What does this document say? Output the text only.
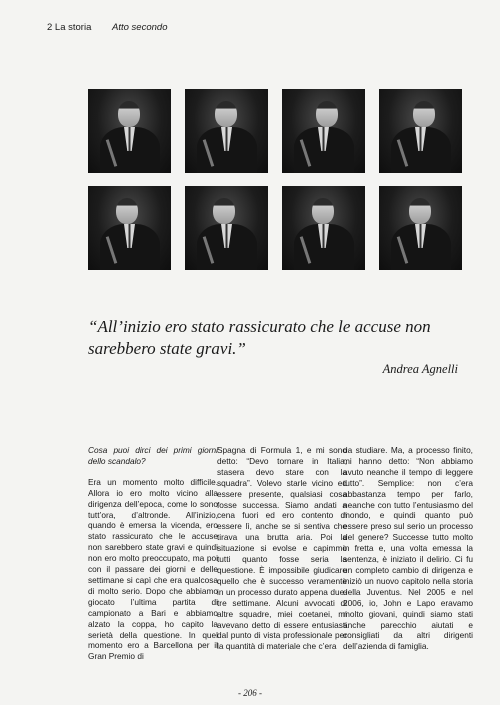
2 La storia Atto secondo

“All’inizio ero stato rassicurato che le accuse non sarebbero state gravi.”

Andrea Agnelli

Cosa puoi dirci dei primi giorni dello scandalo?

Era un momento molto difficile. Allora io ero molto vicino alla dirigenza dell’epoca, come lo sono tutt’ora, d’altronde. All’inizio, quando è emersa la vicenda, ero stato rassicurato che le accuse non sarebbero state gravi e quindi non ero molto preoccupato, ma poi con il passare dei giorni e delle settimane si capì che era qualcosa di molto serio. Dopo che abbiamo giocato l’ultima partita di campionato a Bari e abbiamo alzato la coppa, ho capito la serietà della questione. In quel momento ero a Barcellona per il Gran Premio di

Spagna di Formula 1, e mi sono detto: “Devo tornare in Italia, stasera devo stare con la squadra”. Volevo starle vicino ed essere presente, qualsiasi cosa fosse successa. Siamo andati a cena fuori ed ero contento di essere lì, anche se si sentiva che tirava una brutta aria. Poi la situazione si evolse e capimmo tutti quanto fosse seria la questione. È impossibile giudicare quello che è successo veramente in un processo durato appena due-tre settimane. Alcuni avvocati di altre squadre, miei coetanei, mi avevano detto di essere entusiasti dal punto di vista professionale per la quantità di materiale che c’era

da studiare. Ma, a processo finito, mi hanno detto: “Non abbiamo avuto neanche il tempo di leggere tutto”. Semplice: non c’era abbastanza tempo per farlo, neanche con tutto l’entusiasmo del mondo, e quindi quanto può essere preso sul serio un processo del genere? Successe tutto molto in fretta e, una volta emessa la sentenza, è iniziato il delirio. Ci fu un completo cambio di dirigenza e iniziò un nuovo capitolo nella storia della Juventus. Nel 2005 e nel 2006, io, John e Lapo eravamo molto giovani, quindi siamo stati anche parecchio aiutati e consigliati da altri dirigenti dell’azienda di famiglia.

- 206 -
